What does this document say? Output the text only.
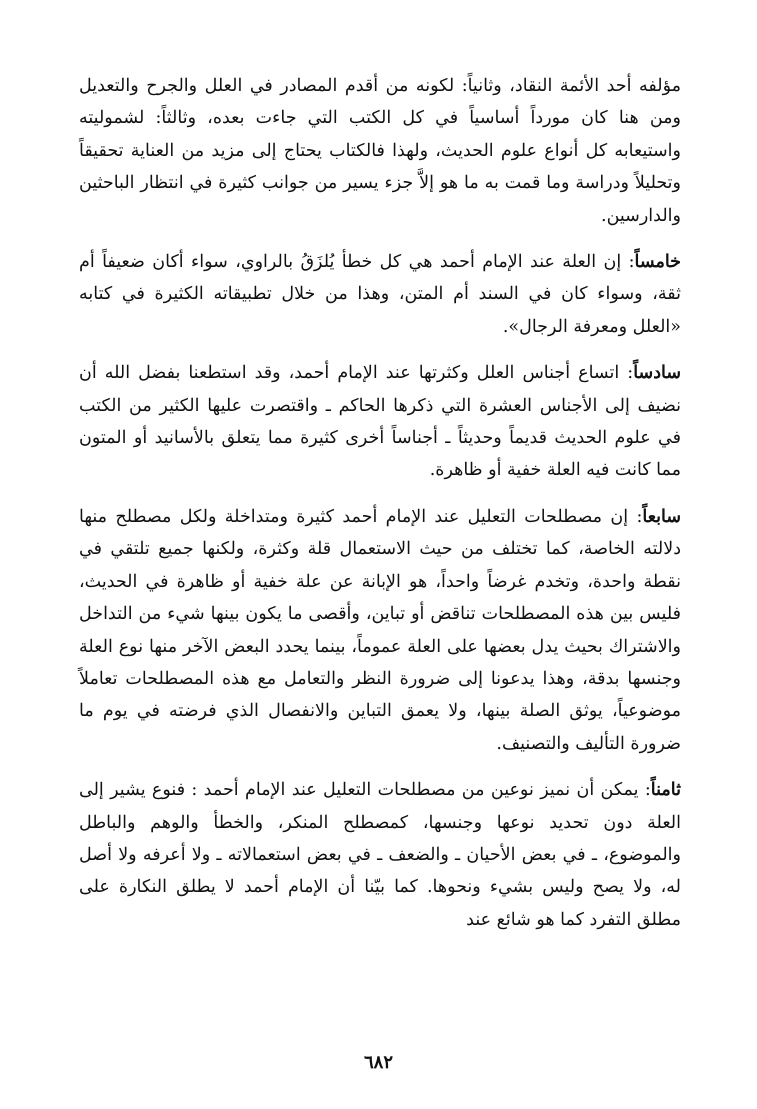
مؤلفه أحد الأئمة النقاد، وثانياً: لكونه من أقدم المصادر في العلل والجرح والتعديل ومن هنا كان مورداً أساسياً في كل الكتب التي جاءت بعده، وثالثاً: لشموليته واستيعابه كل أنواع علوم الحديث، ولهذا فالكتاب يحتاج إلى مزيد من العناية تحقيقاً وتحليلاً ودراسة وما قمت به ما هو إلاَّ جزء يسير من جوانب كثيرة في انتظار الباحثين والدارسين.

خامساً: إن العلة عند الإمام أحمد هي كل خطأ يُلزَقُ بالراوي، سواء أكان ضعيفاً أم ثقة، وسواء كان في السند أم المتن، وهذا من خلال تطبيقاته الكثيرة في كتابه «العلل ومعرفة الرجال».

سادساً: اتساع أجناس العلل وكثرتها عند الإمام أحمد، وقد استطعنا بفضل الله أن نضيف إلى الأجناس العشرة التي ذكرها الحاكم ـ واقتصرت عليها الكثير من الكتب في علوم الحديث قديماً وحديثاً ـ أجناساً أخرى كثيرة مما يتعلق بالأسانيد أو المتون مما كانت فيه العلة خفية أو ظاهرة.

سابعاً: إن مصطلحات التعليل عند الإمام أحمد كثيرة ومتداخلة ولكل مصطلح منها دلالته الخاصة، كما تختلف من حيث الاستعمال قلة وكثرة، ولكنها جميع تلتقي في نقطة واحدة، وتخدم غرضاً واحداً، هو الإبانة عن علة خفية أو ظاهرة في الحديث، فليس بين هذه المصطلحات تناقض أو تباين، وأقصى ما يكون بينها شيء من التداخل والاشتراك بحيث يدل بعضها على العلة عموماً، بينما يحدد البعض الآخر منها نوع العلة وجنسها بدقة، وهذا يدعونا إلى ضرورة النظر والتعامل مع هذه المصطلحات تعاملاً موضوعياً، يوثق الصلة بينها، ولا يعمق التباين والانفصال الذي فرضته في يوم ما ضرورة التأليف والتصنيف.

ثامناً: يمكن أن نميز نوعين من مصطلحات التعليل عند الإمام أحمد : فنوع يشير إلى العلة دون تحديد نوعها وجنسها، كمصطلح المنكر، والخطأ والوهم والباطل والموضوع، ـ في بعض الأحيان ـ والضعف ـ في بعض استعمالاته ـ ولا أعرفه ولا أصل له، ولا يصح وليس بشيء ونحوها. كما بيّنا أن الإمام أحمد لا يطلق النكارة على مطلق التفرد كما هو شائع عند

٦٨٢
